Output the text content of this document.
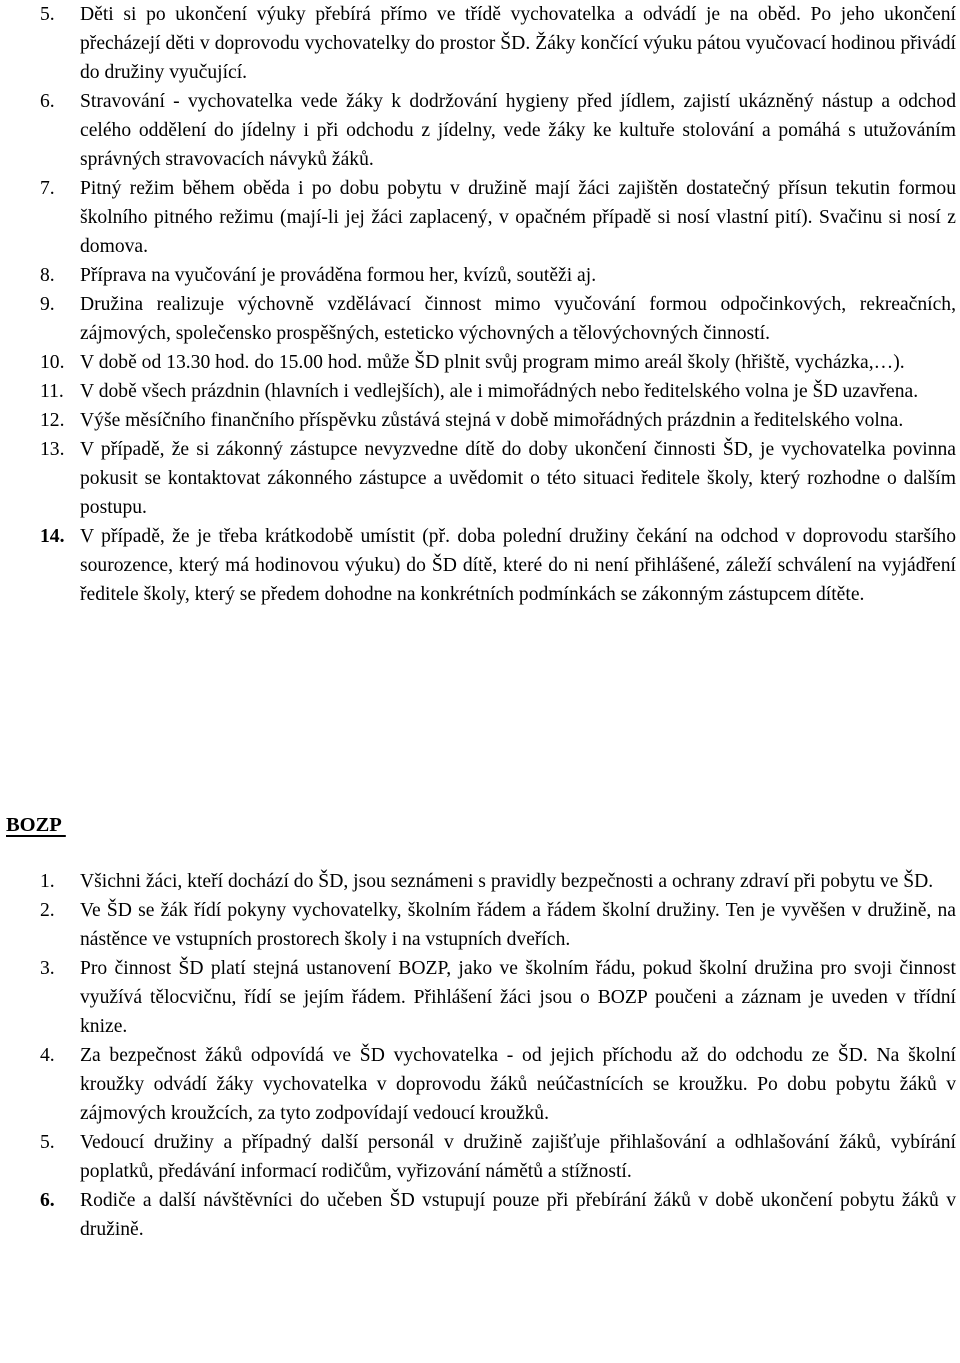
5.	Děti si po ukončení výuky přebírá přímo ve třídě vychovatelka a odvádí je na oběd. Po jeho ukončení přecházejí děti v doprovodu vychovatelky do prostor ŠD. Žáky končící výuku pátou vyučovací hodinou přivádí do družiny vyučující.
6.	Stravování - vychovatelka vede žáky k dodržování hygieny před jídlem, zajistí ukázněný nástup a odchod celého oddělení do jídelny i při odchodu z jídelny, vede žáky ke kultuře stolování a pomáhá s utužováním správných stravovacích návyků žáků.
7.	Pitný režim během oběda i po dobu pobytu v družině mají žáci zajištěn dostatečný přísun tekutin formou školního pitného režimu (mají-li jej žáci zaplacený, v opačném případě si nosí vlastní pití). Svačinu si nosí z domova.
8.	Příprava na vyučování je prováděna formou her, kvízů, soutěži aj.
9.	Družina realizuje výchovně vzdělávací činnost mimo vyučování formou odpočinkových, rekreačních, zájmových, společensko prospěšných, esteticko výchovných a tělovýchovných činností.
10. V době od 13.30 hod. do 15.00 hod. může ŠD plnit svůj program mimo areál školy (hřiště, vycházka,…).
11. V době všech prázdnin (hlavních i vedlejších), ale i mimořádných nebo ředitelského volna je ŠD uzavřena.
12. Výše měsíčního finančního příspěvku zůstává stejná v době mimořádných prázdnin a ředitelského volna.
13. V případě, že si zákonný zástupce nevyzvedne dítě do doby ukončení činnosti ŠD, je vychovatelka povinna pokusit se kontaktovat zákonného zástupce a uvědomit o této situaci ředitele školy, který rozhodne o dalším postupu.
14. V případě, že je třeba krátkodobě umístit (př. doba polední družiny čekání na odchod v doprovodu staršího sourozence, který má hodinovou výuku) do ŠD dítě, které do ni není přihlášené, záleží schválení na vyjádření ředitele školy, který se předem dohodne na konkrétních podmínkách se zákonným zástupcem dítěte.
BOZP
1.	Všichni žáci, kteří dochází do ŠD, jsou seznámeni s pravidly bezpečnosti a ochrany zdraví při pobytu ve ŠD.
2.	Ve ŠD se žák řídí pokyny vychovatelky, školním řádem a řádem školní družiny. Ten je vyvěšen v družině, na nástěnce ve vstupních prostorech školy i na vstupních dveřích.
3.	Pro činnost ŠD platí stejná ustanovení BOZP, jako ve školním řádu, pokud školní družina pro svoji činnost využívá tělocvičnu, řídí se jejím řádem. Přihlášení žáci jsou o BOZP poučeni a záznam je uveden v třídní knize.
4.	Za bezpečnost žáků odpovídá ve ŠD vychovatelka - od jejich příchodu až do odchodu ze ŠD. Na školní kroužky odvádí žáky vychovatelka v doprovodu žáků neúčastnících se kroužku. Po dobu pobytu žáků v zájmových kroužcích, za tyto zodpovídají vedoucí kroužků.
5.	Vedoucí družiny a případný další personál v družině zajišťuje přihlašování a odhlašování žáků, vybírání poplatků, předávání informací rodičům, vyřizování námětů a stížností.
6.	Rodiče a další návštěvníci do učeben ŠD vstupují pouze při přebírání žáků v době ukončení pobytu žáků v družině.
